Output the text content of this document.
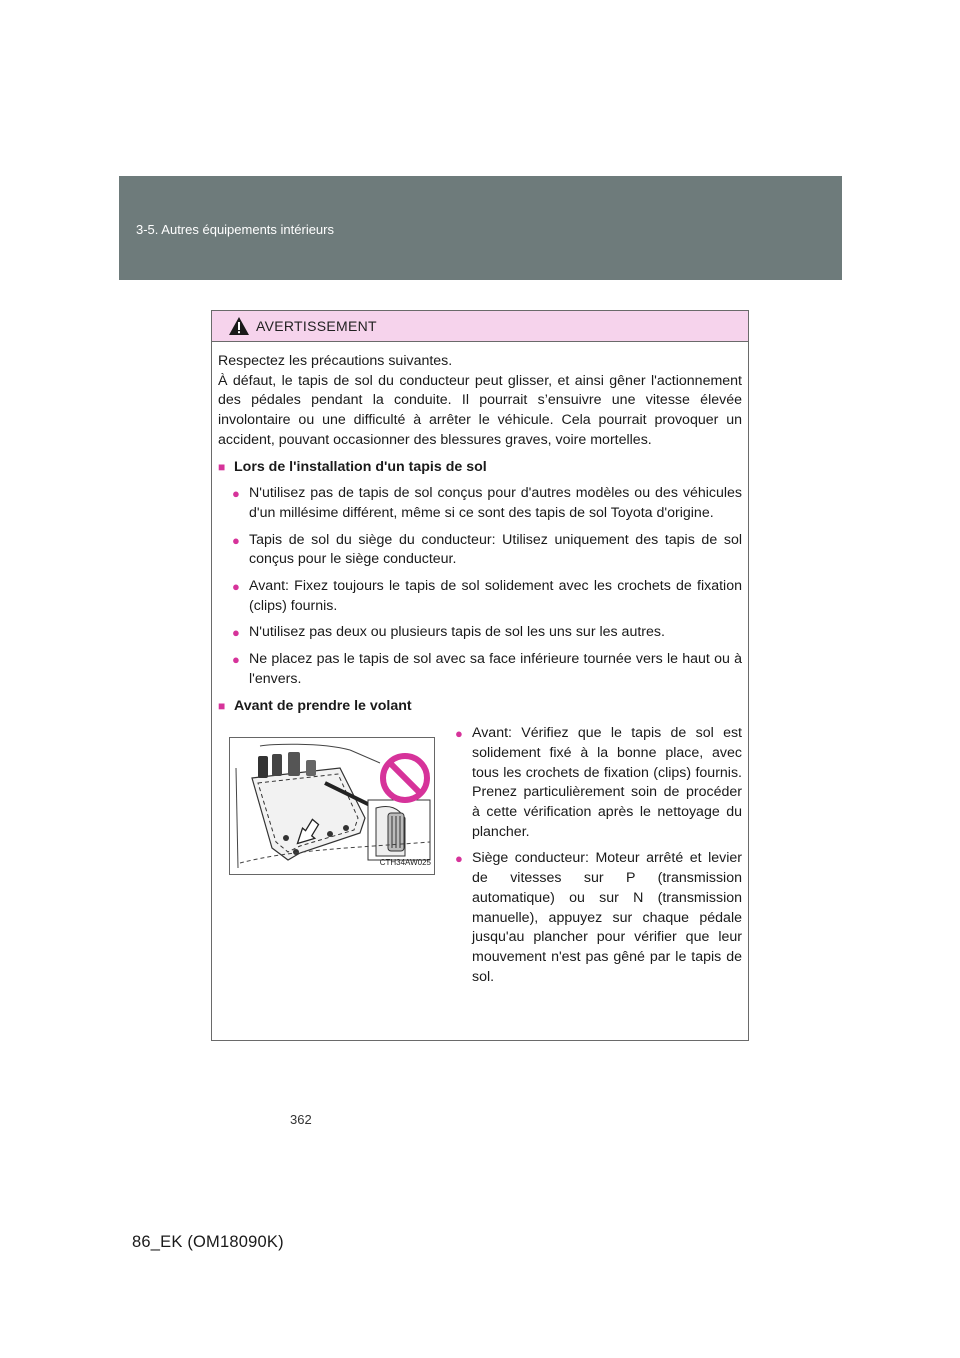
3-5. Autres équipements intérieurs
AVERTISSEMENT
Respectez les précautions suivantes.
À défaut, le tapis de sol du conducteur peut glisser, et ainsi gêner l'actionnement des pédales pendant la conduite. Il pourrait s’ensuivre une vitesse élevée involontaire ou une difficulté à arrêter le véhicule. Cela pourrait provoquer un accident, pouvant occasionner des blessures graves, voire mortelles.
■ Lors de l'installation d'un tapis de sol
● N'utilisez pas de tapis de sol conçus pour d'autres modèles ou des véhicules d'un millésime différent, même si ce sont des tapis de sol Toyota d'origine.
● Tapis de sol du siège du conducteur: Utilisez uniquement des tapis de sol conçus pour le siège conducteur.
● Avant: Fixez toujours le tapis de sol solidement avec les crochets de fixation (clips) fournis.
● N'utilisez pas deux ou plusieurs tapis de sol les uns sur les autres.
● Ne placez pas le tapis de sol avec sa face inférieure tournée vers le haut ou à l'envers.
■ Avant de prendre le volant
CTH34AW025
● Avant: Vérifiez que le tapis de sol est solidement fixé à la bonne place, avec tous les crochets de fixation (clips) fournis. Prenez particulièrement soin de procéder à cette vérification après le nettoyage du plancher.
● Siège conducteur: Moteur arrêté et levier de vitesses sur P (transmission automatique) ou sur N (transmission manuelle), appuyez sur chaque pédale jusqu'au plancher pour vérifier que leur mouvement n'est pas gêné par le tapis de sol.
362
86_EK (OM18090K)
